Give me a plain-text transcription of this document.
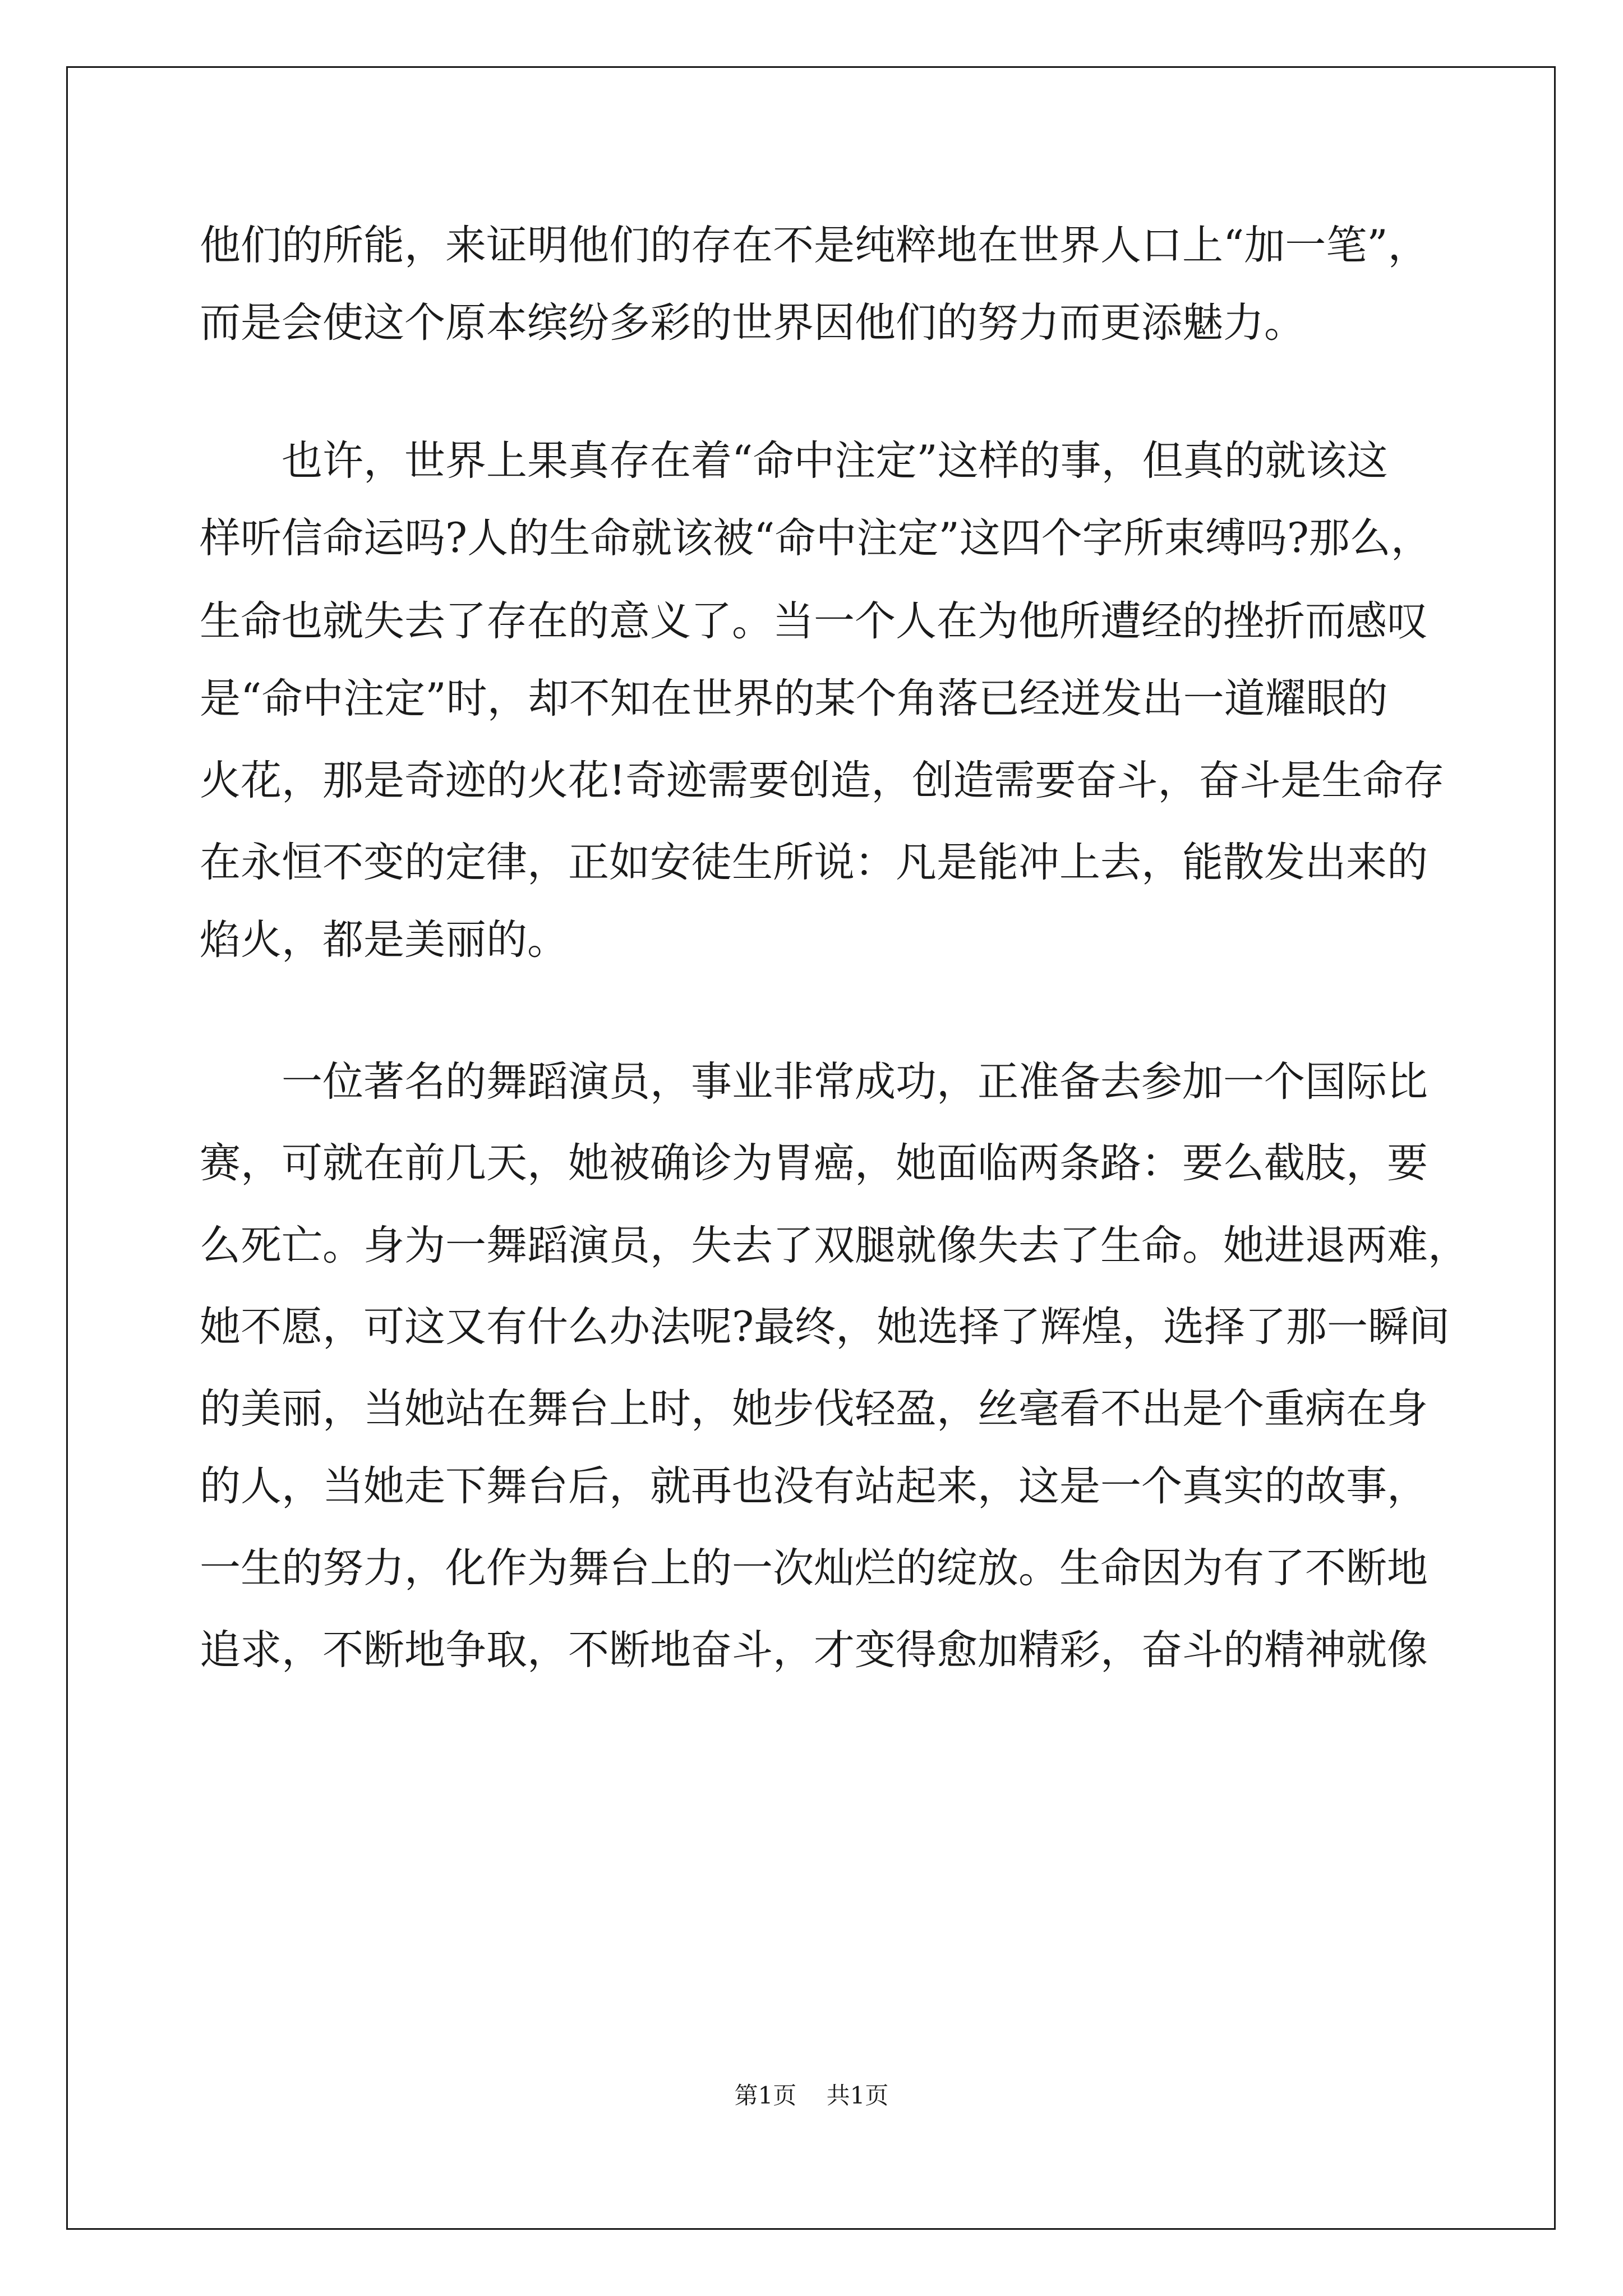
他们的所能，来证明他们的存在不是纯粹地在世界人口上“加一笔”，
而是会使这个原本缤纷多彩的世界因他们的努力而更添魅力。
也许，世界上果真存在着“命中注定”这样的事，但真的就该这
样听信命运吗?人的生命就该被“命中注定”这四个字所束缚吗?那么，
生命也就失去了存在的意义了。当一个人在为他所遭经的挫折而感叹
是“命中注定”时，却不知在世界的某个角落已经迸发出一道耀眼的
火花，那是奇迹的火花!奇迹需要创造，创造需要奋斗，奋斗是生命存
在永恒不变的定律，正如安徒生所说：凡是能冲上去，能散发出来的
焰火，都是美丽的。
一位著名的舞蹈演员，事业非常成功，正准备去参加一个国际比
赛，可就在前几天，她被确诊为胃癌，她面临两条路：要么截肢，要
么死亡。身为一舞蹈演员，失去了双腿就像失去了生命。她进退两难，
她不愿，可这又有什么办法呢?最终，她选择了辉煌，选择了那一瞬间
的美丽，当她站在舞台上时，她步伐轻盈，丝毫看不出是个重病在身
的人，当她走下舞台后，就再也没有站起来，这是一个真实的故事，
一生的努力，化作为舞台上的一次灿烂的绽放。生命因为有了不断地
追求，不断地争取，不断地奋斗，才变得愈加精彩，奋斗的精神就像
第1页 共1页
